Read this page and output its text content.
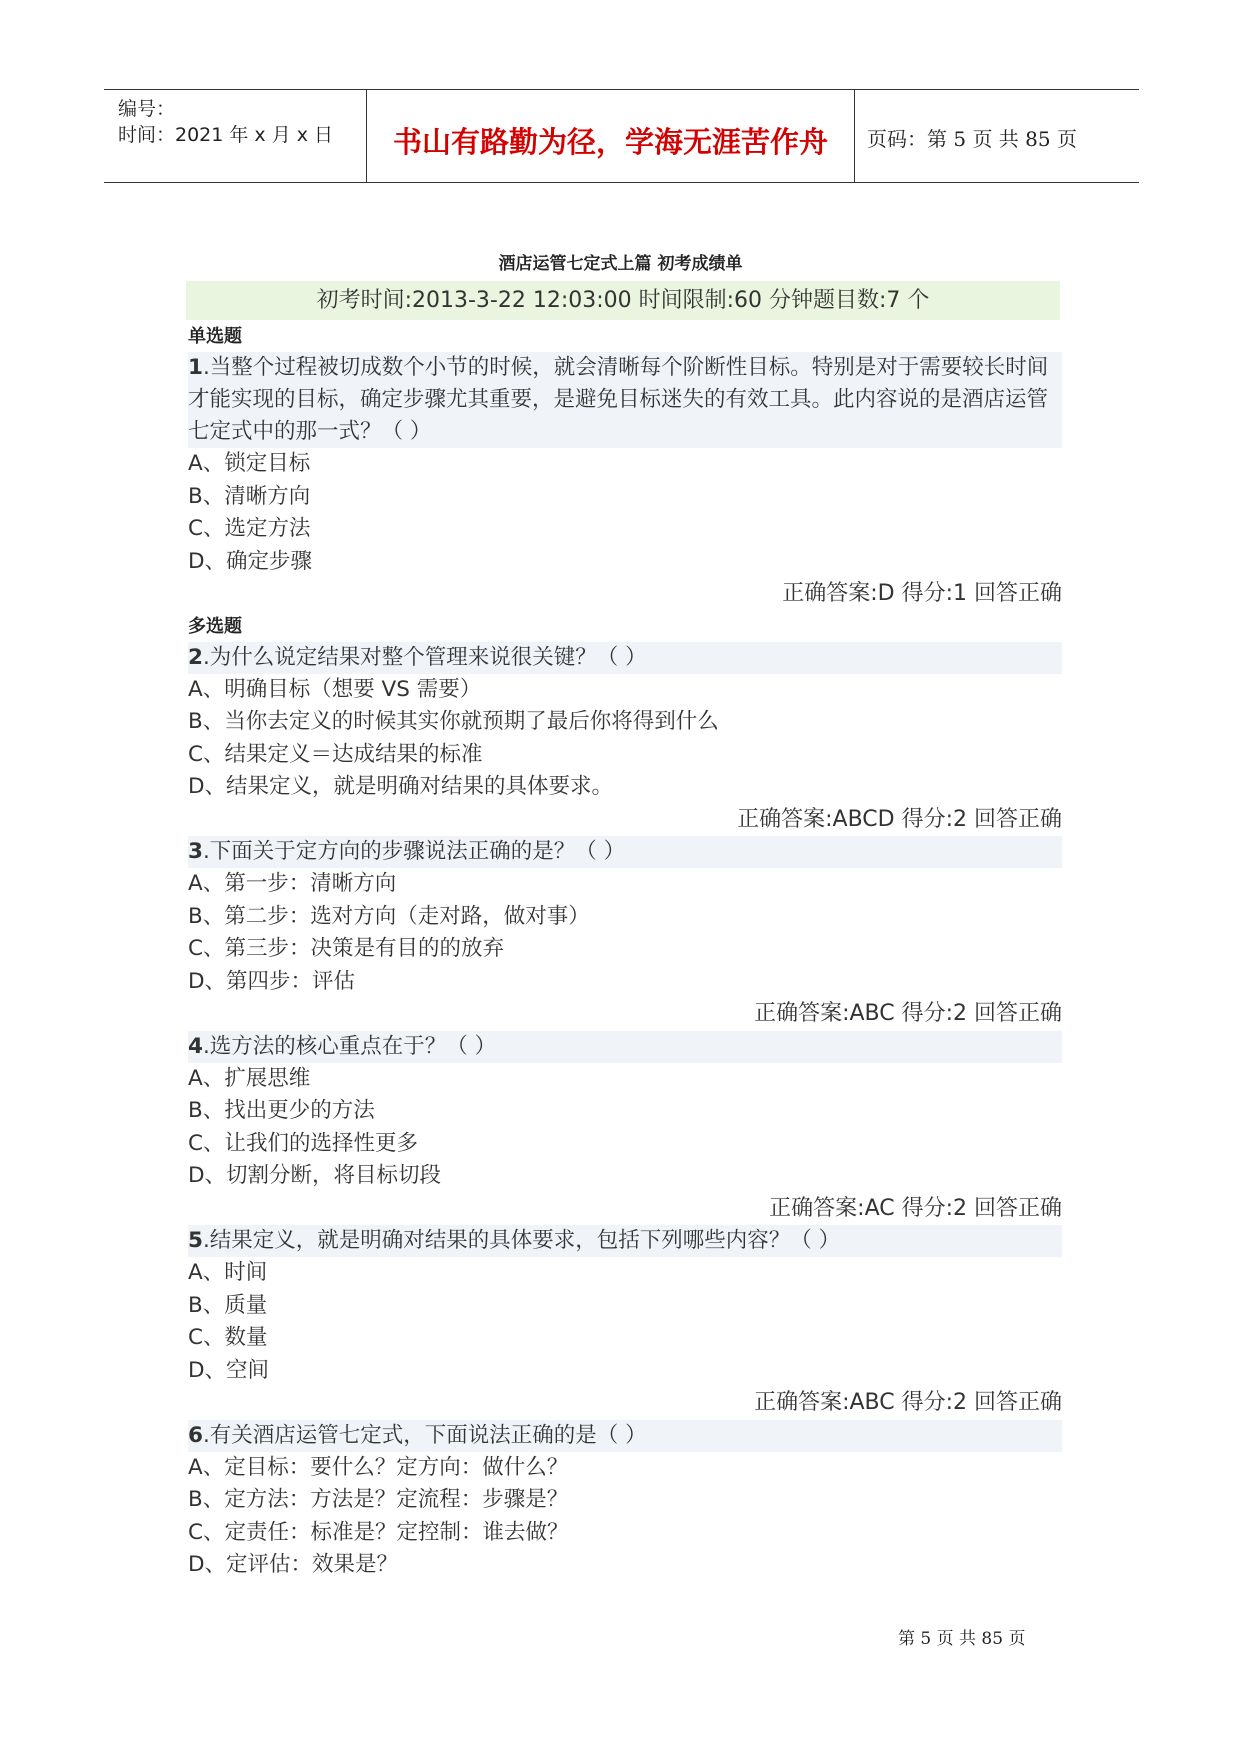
编号：
时间：2021 年 x 月 x 日	书山有路勤为径，学海无涯苦作舟	页码：第 5 页 共 85 页
酒店运管七定式上篇 初考成绩单
初考时间:2013-3-22 12:03:00 时间限制:60 分钟题目数:7 个
单选题
1.当整个过程被切成数个小节的时候，就会清晰每个阶断性目标。特别是对于需要较长时间才能实现的目标，确定步骤尤其重要，是避免目标迷失的有效工具。此内容说的是酒店运管七定式中的那一式？（ ）
A、锁定目标
B、清晰方向
C、选定方法
D、确定步骤
正确答案:D 得分:1 回答正确
多选题
2.为什么说定结果对整个管理来说很关键？（ ）
A、明确目标（想要 VS 需要）
B、当你去定义的时候其实你就预期了最后你将得到什么
C、结果定义＝达成结果的标准
D、结果定义，就是明确对结果的具体要求。
正确答案:ABCD 得分:2 回答正确
3.下面关于定方向的步骤说法正确的是？（ ）
A、第一步：清晰方向
B、第二步：选对方向（走对路，做对事）
C、第三步：决策是有目的的放弃
D、第四步：评估
正确答案:ABC 得分:2 回答正确
4.选方法的核心重点在于？（ ）
A、扩展思维
B、找出更少的方法
C、让我们的选择性更多
D、切割分断，将目标切段
正确答案:AC 得分:2 回答正确
5.结果定义，就是明确对结果的具体要求，包括下列哪些内容？（ ）
A、时间
B、质量
C、数量
D、空间
正确答案:ABC 得分:2 回答正确
6.有关酒店运管七定式，下面说法正确的是（ ）
A、定目标：要什么？定方向：做什么？
B、定方法：方法是？定流程：步骤是？
C、定责任：标准是？定控制：谁去做？
D、定评估：效果是？
第 5 页 共 85 页
